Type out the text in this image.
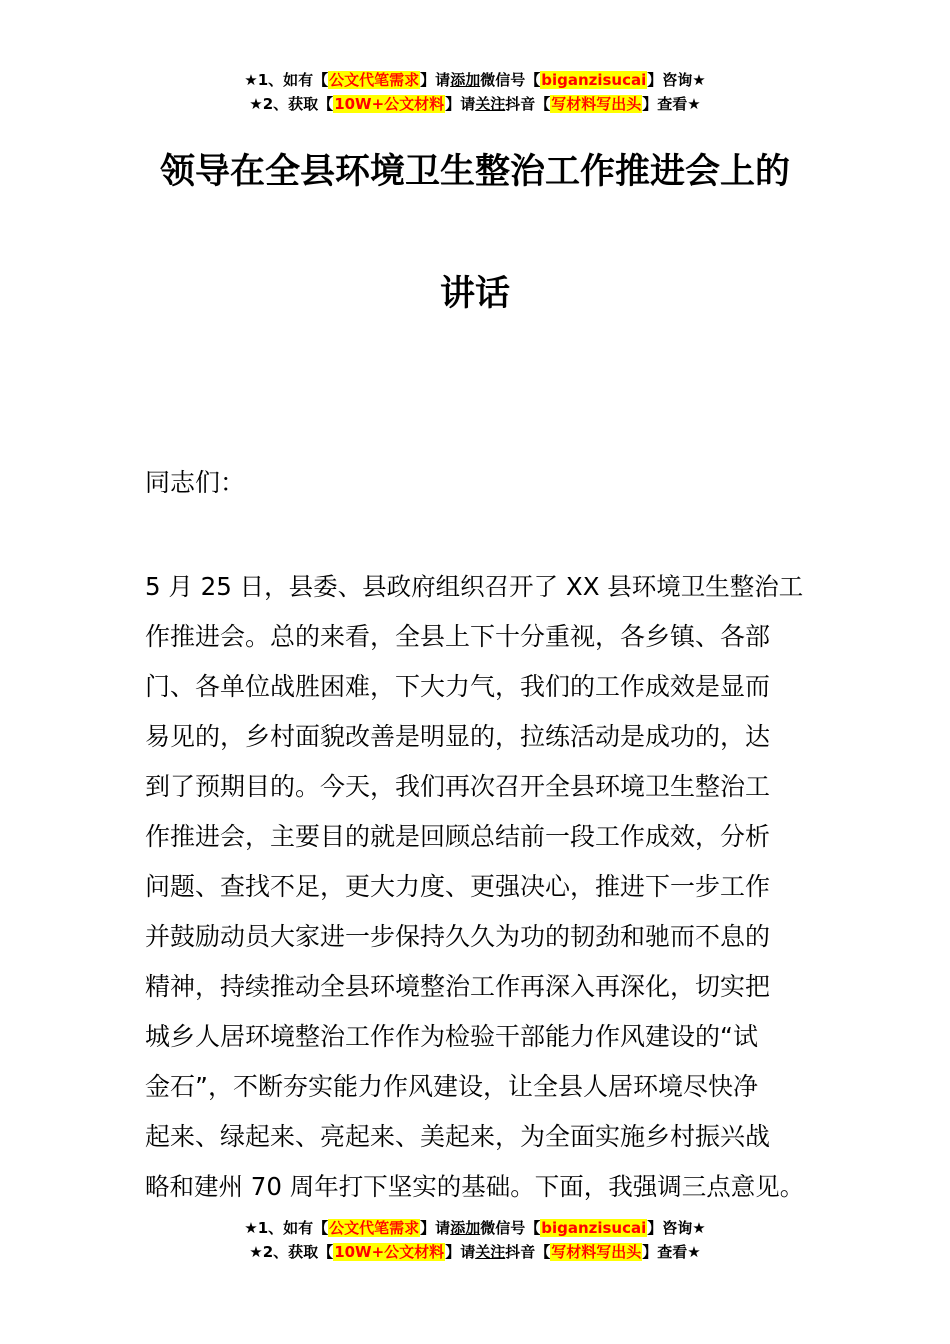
★1、如有【公文代笔需求】请添加微信号【biganzisucai】咨询★
★2、获取【10W+公文材料】请关注抖音【写材料写出头】查看★
领导在全县环境卫生整治工作推进会上的
讲话
同志们：
5 月 25 日，县委、县政府组织召开了 XX 县环境卫生整治工
作推进会。总的来看，全县上下十分重视，各乡镇、各部
门、各单位战胜困难，下大力气，我们的工作成效是显而
易见的，乡村面貌改善是明显的，拉练活动是成功的，达
到了预期目的。今天，我们再次召开全县环境卫生整治工
作推进会，主要目的就是回顾总结前一段工作成效，分析
问题、查找不足，更大力度、更强决心，推进下一步工作
并鼓励动员大家进一步保持久久为功的韧劲和驰而不息的
精神，持续推动全县环境整治工作再深入再深化，切实把
城乡人居环境整治工作作为检验干部能力作风建设的“试
金石”，不断夯实能力作风建设，让全县人居环境尽快净
起来、绿起来、亮起来、美起来，为全面实施乡村振兴战
略和建州 70 周年打下坚实的基础。下面，我强调三点意见。
★1、如有【公文代笔需求】请添加微信号【biganzisucai】咨询★
★2、获取【10W+公文材料】请关注抖音【写材料写出头】查看★
